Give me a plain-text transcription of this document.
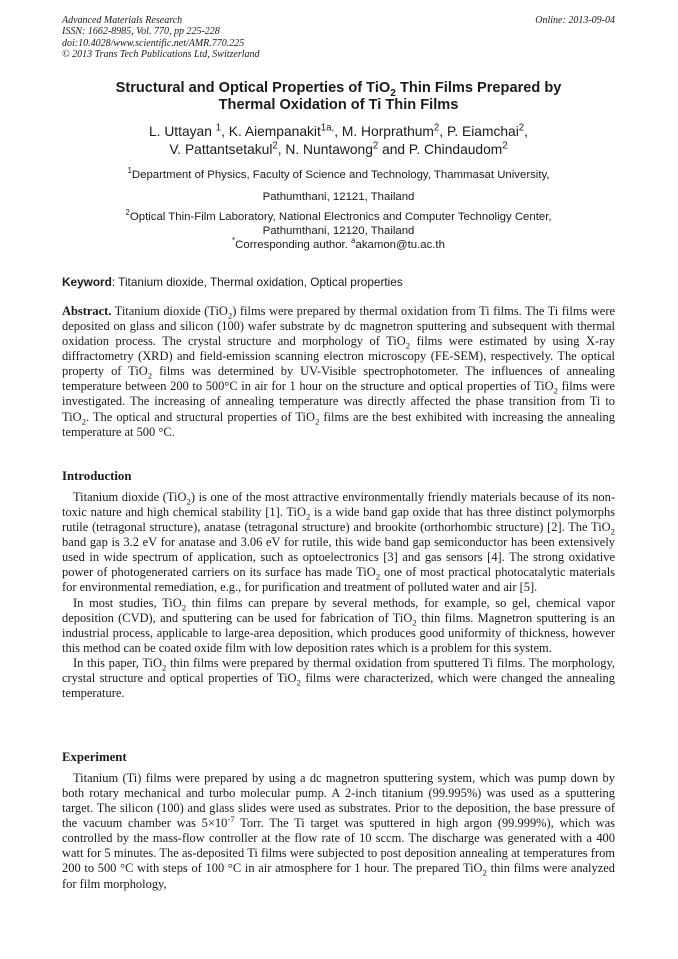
Advanced Materials Research
ISSN: 1662-8985, Vol. 770, pp 225-228
doi:10.4028/www.scientific.net/AMR.770.225
© 2013 Trans Tech Publications Ltd, Switzerland
Online: 2013-09-04
Structural and Optical Properties of TiO$_2$ Thin Films Prepared by
Thermal Oxidation of Ti Thin Films
L. Uttayan $^1$, K. Aiempanakit$^{1a,}$, M. Horprathum$^2$, P. Eiamchai$^2$,
V. Pattantsetakul$^2$, N. Nuntawong$^2$ and P. Chindaudom$^2$
$^1$Department of Physics, Faculty of Science and Technology, Thammasat University,
Pathumthani, 12121, Thailand
$^2$Optical Thin-Film Laboratory, National Electronics and Computer Technoligy Center,
Pathumthani, 12120, Thailand
*Corresponding author. $^a$akamon@tu.ac.th
Keyword: Titanium dioxide, Thermal oxidation, Optical properties

Abstract. Titanium dioxide (TiO$_2$) films were prepared by thermal oxidation from Ti films. The Ti films were deposited on glass and silicon (100) wafer substrate by dc magnetron sputtering and subsequent with thermal oxidation process. The crystal structure and morphology of TiO$_2$ films were estimated by using X-ray diffractometry (XRD) and field-emission scanning electron microscopy (FE-SEM), respectively. The optical property of TiO$_2$ films was determined by UV-Visible spectrophotometer. The influences of annealing temperature between 200 to 500°C in air for 1 hour on the structure and optical properties of TiO$_2$ films were investigated. The increasing of annealing temperature was directly affected the phase transition from Ti to TiO$_2$. The optical and structural properties of TiO$_2$ films are the best exhibited with increasing the annealing temperature at 500 °C.

Introduction

Titanium dioxide (TiO$_2$) is one of the most attractive environmentally friendly materials because of its non-toxic nature and high chemical stability [1]. TiO$_2$ is a wide band gap oxide that has three distinct polymorphs rutile (tetragonal structure), anatase (tetragonal structure) and brookite (orthorhombic structure) [2]. The TiO$_2$ band gap is 3.2 eV for anatase and 3.06 eV for rutile, this wide band gap semiconductor has been extensively used in wide spectrum of application, such as optoelectronics [3] and gas sensors [4]. The strong oxidative power of photogenerated carriers on its surface has made TiO$_2$ one of most practical photocatalytic materials for environmental remediation, e.g., for purification and treatment of polluted water and air [5].

In most studies, TiO$_2$ thin films can prepare by several methods, for example, so gel, chemical vapor deposition (CVD), and sputtering can be used for fabrication of TiO$_2$ thin films. Magnetron sputtering is an industrial process, applicable to large-area deposition, which produces good uniformity of thickness, however this method can be coated oxide film with low deposition rates which is a problem for this system.

In this paper, TiO$_2$ thin films were prepared by thermal oxidation from sputtered Ti films. The morphology, crystal structure and optical properties of TiO$_2$ films were characterized, which were changed the annealing temperature.

Experiment

Titanium (Ti) films were prepared by using a dc magnetron sputtering system, which was pump down by both rotary mechanical and turbo molecular pump. A 2-inch titanium (99.995%) was used as a sputtering target. The silicon (100) and glass slides were used as substrates. Prior to the deposition, the base pressure of the vacuum chamber was $5\times 10^{-7}$ Torr. The Ti target was sputtered in high argon (99.999%), which was controlled by the mass-flow controller at the flow rate of 10 sccm. The discharge was generated with a 400 watt for 5 minutes. The as-deposited Ti films were subjected to post deposition annealing at temperatures from 200 to 500 °C with steps of 100 °C in air atmosphere for 1 hour. The prepared TiO$_2$ thin films were analyzed for film morphology,
